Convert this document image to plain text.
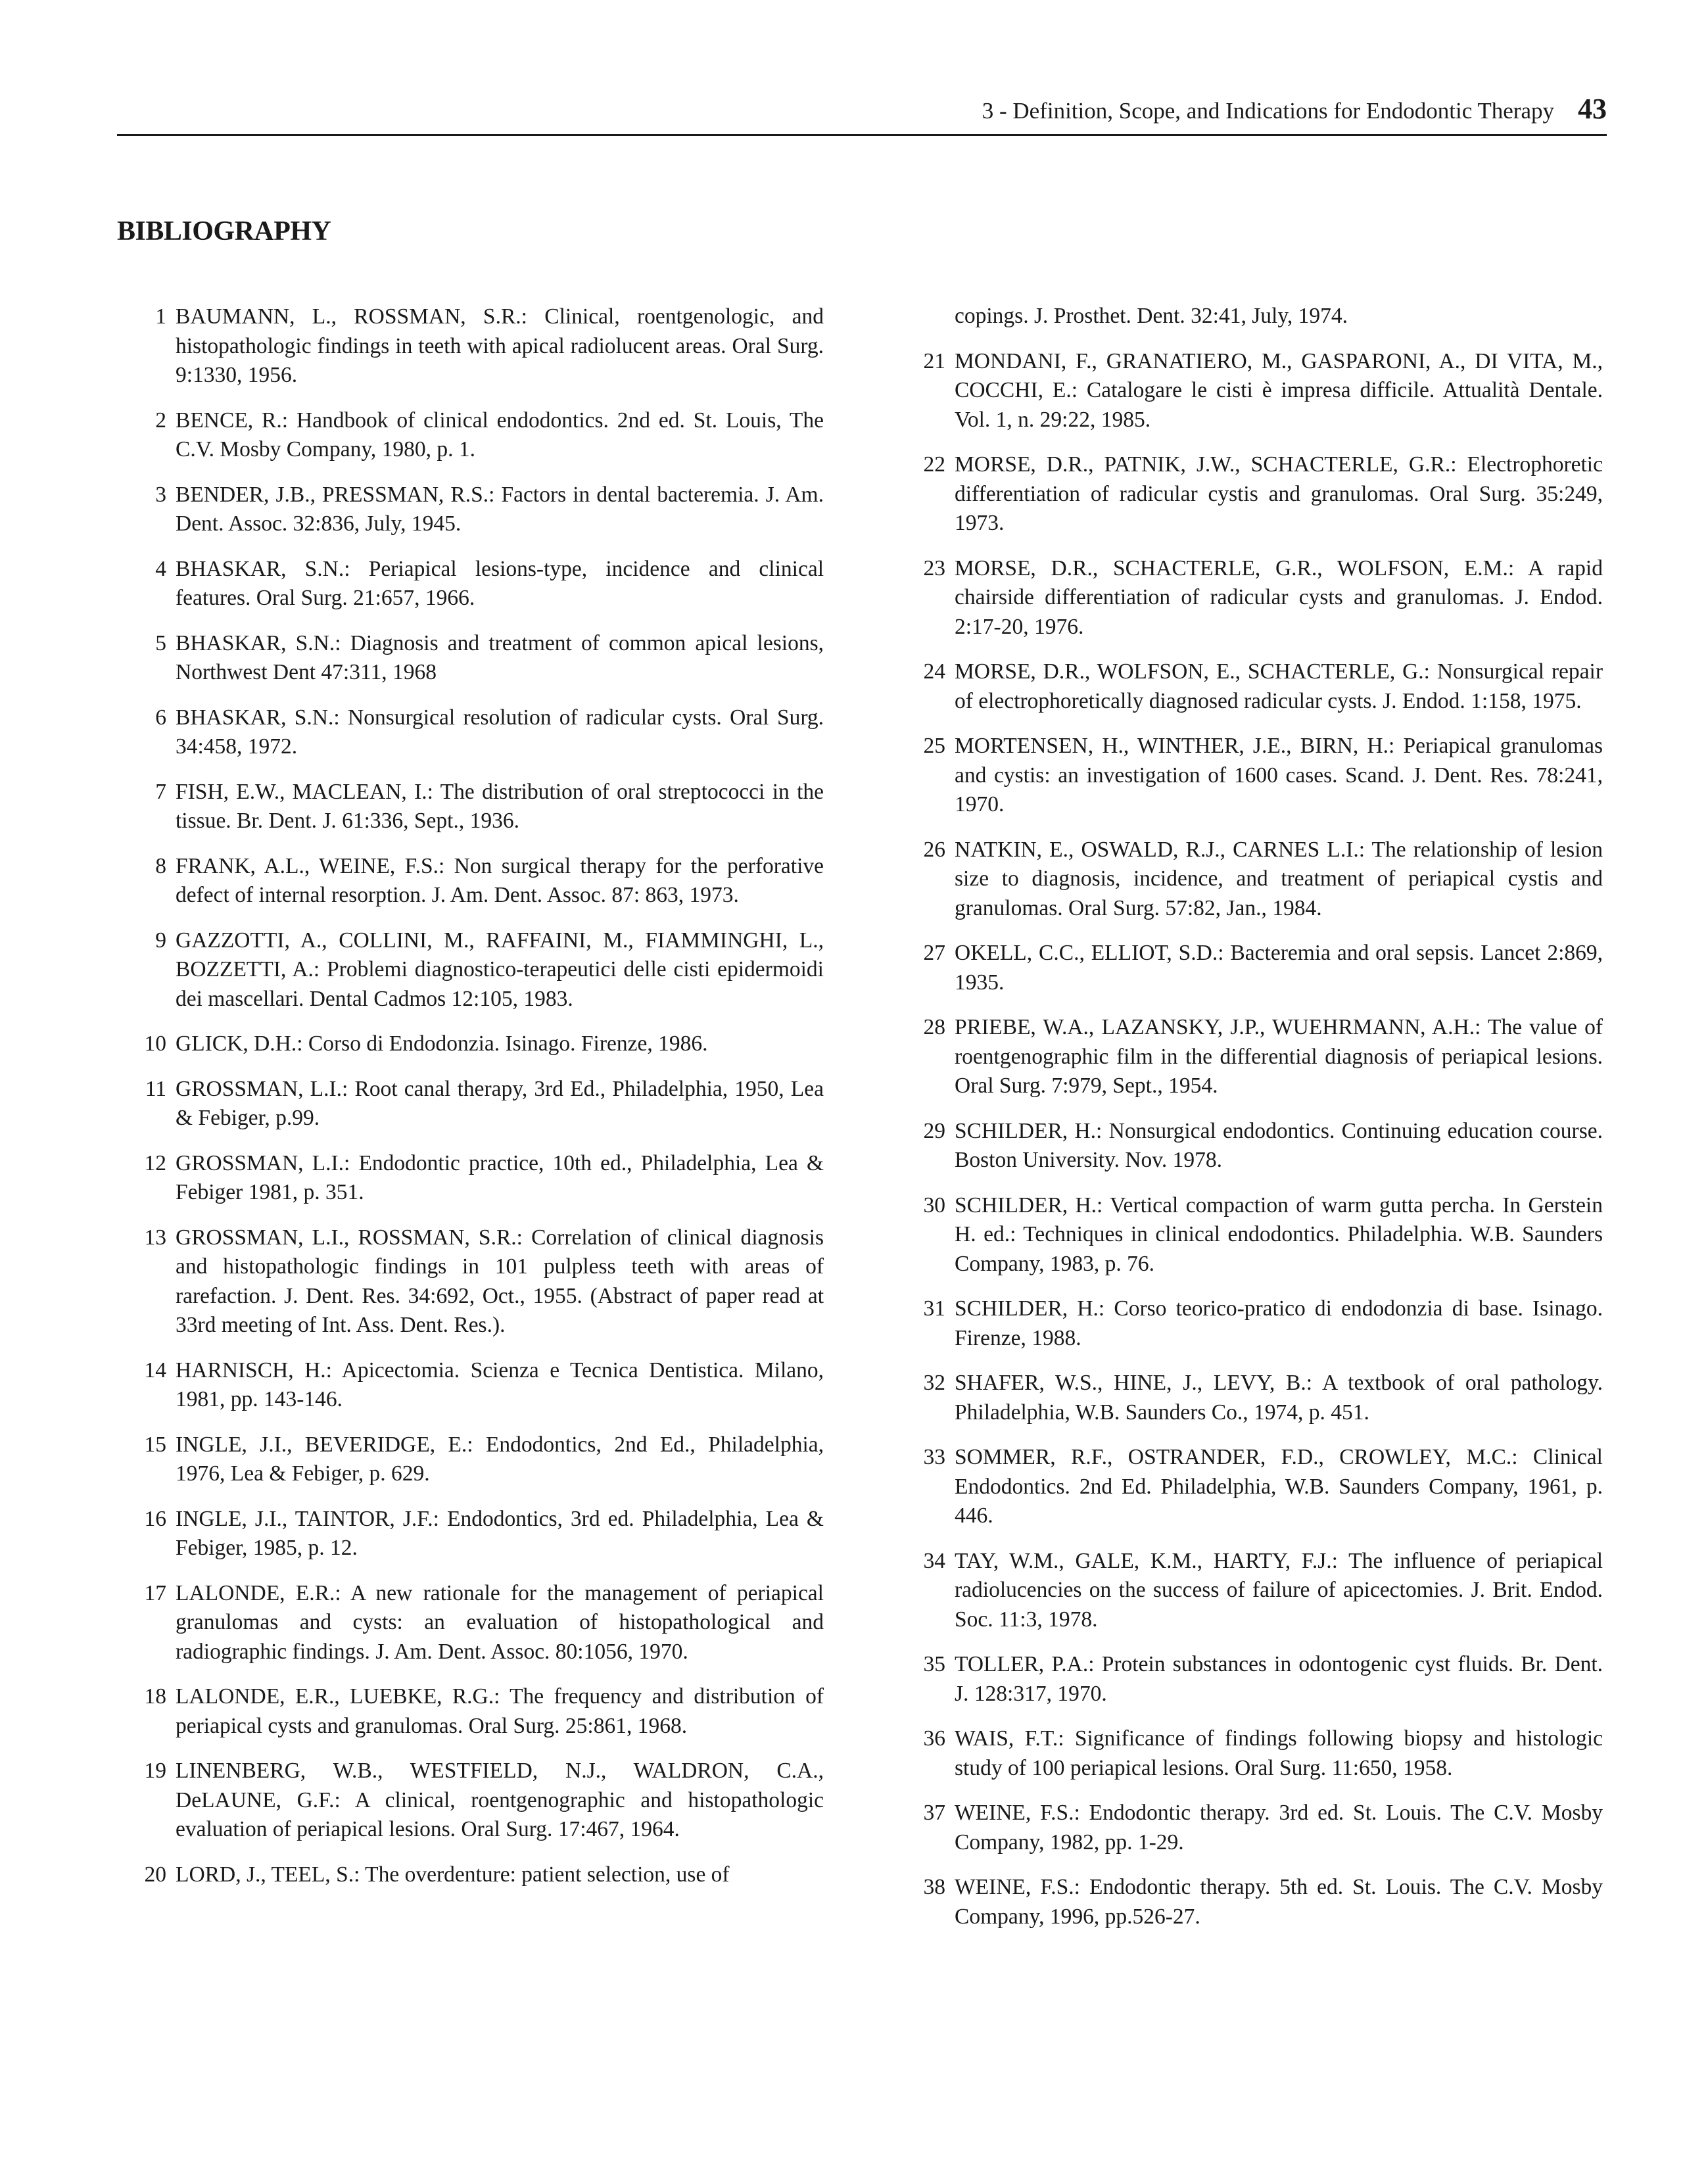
3 - Definition, Scope, and Indications for Endodontic Therapy 43
BIBLIOGRAPHY
1 BAUMANN, L., ROSSMAN, S.R.: Clinical, roentgenologic, and histopathologic findings in teeth with apical radiolucent areas. Oral Surg. 9:1330, 1956.
2 BENCE, R.: Handbook of clinical endodontics. 2nd ed. St. Louis, The C.V. Mosby Company, 1980, p. 1.
3 BENDER, J.B., PRESSMAN, R.S.: Factors in dental bacteremia. J. Am. Dent. Assoc. 32:836, July, 1945.
4 BHASKAR, S.N.: Periapical lesions-type, incidence and clinical features. Oral Surg. 21:657, 1966.
5 BHASKAR, S.N.: Diagnosis and treatment of common apical lesions, Northwest Dent 47:311, 1968
6 BHASKAR, S.N.: Nonsurgical resolution of radicular cysts. Oral Surg. 34:458, 1972.
7 FISH, E.W., MACLEAN, I.: The distribution of oral streptococci in the tissue. Br. Dent. J. 61:336, Sept., 1936.
8 FRANK, A.L., WEINE, F.S.: Non surgical therapy for the perforative defect of internal resorption. J. Am. Dent. Assoc. 87: 863, 1973.
9 GAZZOTTI, A., COLLINI, M., RAFFAINI, M., FIAMMINGHI, L., BOZZETTI, A.: Problemi diagnostico-terapeutici delle cisti epidermoidi dei mascellari. Dental Cadmos 12:105, 1983.
10 GLICK, D.H.: Corso di Endodonzia. Isinago. Firenze, 1986.
11 GROSSMAN, L.I.: Root canal therapy, 3rd Ed., Philadelphia, 1950, Lea & Febiger, p.99.
12 GROSSMAN, L.I.: Endodontic practice, 10th ed., Philadelphia, Lea & Febiger 1981, p. 351.
13 GROSSMAN, L.I., ROSSMAN, S.R.: Correlation of clinical diagnosis and histopathologic findings in 101 pulpless teeth with areas of rarefaction. J. Dent. Res. 34:692, Oct., 1955. (Abstract of paper read at 33rd meeting of Int. Ass. Dent. Res.).
14 HARNISCH, H.: Apicectomia. Scienza e Tecnica Dentistica. Milano, 1981, pp. 143-146.
15 INGLE, J.I., BEVERIDGE, E.: Endodontics, 2nd Ed., Philadelphia, 1976, Lea & Febiger, p. 629.
16 INGLE, J.I., TAINTOR, J.F.: Endodontics, 3rd ed. Philadelphia, Lea & Febiger, 1985, p. 12.
17 LALONDE, E.R.: A new rationale for the management of periapical granulomas and cysts: an evaluation of histopathological and radiographic findings. J. Am. Dent. Assoc. 80:1056, 1970.
18 LALONDE, E.R., LUEBKE, R.G.: The frequency and distribution of periapical cysts and granulomas. Oral Surg. 25:861, 1968.
19 LINENBERG, W.B., WESTFIELD, N.J., WALDRON, C.A., DeLAUNE, G.F.: A clinical, roentgenographic and histopathologic evaluation of periapical lesions. Oral Surg. 17:467, 1964.
20 LORD, J., TEEL, S.: The overdenture: patient selection, use of
copings. J. Prosthet. Dent. 32:41, July, 1974.
21 MONDANI, F., GRANATIERO, M., GASPARONI, A., DI VITA, M., COCCHI, E.: Catalogare le cisti è impresa difficile. Attualità Dentale. Vol. 1, n. 29:22, 1985.
22 MORSE, D.R., PATNIK, J.W., SCHACTERLE, G.R.: Electrophoretic differentiation of radicular cystis and granulomas. Oral Surg. 35:249, 1973.
23 MORSE, D.R., SCHACTERLE, G.R., WOLFSON, E.M.: A rapid chairside differentiation of radicular cysts and granulomas. J. Endod. 2:17-20, 1976.
24 MORSE, D.R., WOLFSON, E., SCHACTERLE, G.: Nonsurgical repair of electrophoretically diagnosed radicular cysts. J. Endod. 1:158, 1975.
25 MORTENSEN, H., WINTHER, J.E., BIRN, H.: Periapical granulomas and cystis: an investigation of 1600 cases. Scand. J. Dent. Res. 78:241, 1970.
26 NATKIN, E., OSWALD, R.J., CARNES L.I.: The relationship of lesion size to diagnosis, incidence, and treatment of periapical cystis and granulomas. Oral Surg. 57:82, Jan., 1984.
27 OKELL, C.C., ELLIOT, S.D.: Bacteremia and oral sepsis. Lancet 2:869, 1935.
28 PRIEBE, W.A., LAZANSKY, J.P., WUEHRMANN, A.H.: The value of roentgenographic film in the differential diagnosis of periapical lesions. Oral Surg. 7:979, Sept., 1954.
29 SCHILDER, H.: Nonsurgical endodontics. Continuing education course. Boston University. Nov. 1978.
30 SCHILDER, H.: Vertical compaction of warm gutta percha. In Gerstein H. ed.: Techniques in clinical endodontics. Philadelphia. W.B. Saunders Company, 1983, p. 76.
31 SCHILDER, H.: Corso teorico-pratico di endodonzia di base. Isinago. Firenze, 1988.
32 SHAFER, W.S., HINE, J., LEVY, B.: A textbook of oral pathology. Philadelphia, W.B. Saunders Co., 1974, p. 451.
33 SOMMER, R.F., OSTRANDER, F.D., CROWLEY, M.C.: Clinical Endodontics. 2nd Ed. Philadelphia, W.B. Saunders Company, 1961, p. 446.
34 TAY, W.M., GALE, K.M., HARTY, F.J.: The influence of periapical radiolucencies on the success of failure of apicectomies. J. Brit. Endod. Soc. 11:3, 1978.
35 TOLLER, P.A.: Protein substances in odontogenic cyst fluids. Br. Dent. J. 128:317, 1970.
36 WAIS, F.T.: Significance of findings following biopsy and histologic study of 100 periapical lesions. Oral Surg. 11:650, 1958.
37 WEINE, F.S.: Endodontic therapy. 3rd ed. St. Louis. The C.V. Mosby Company, 1982, pp. 1-29.
38 WEINE, F.S.: Endodontic therapy. 5th ed. St. Louis. The C.V. Mosby Company, 1996, pp.526-27.
